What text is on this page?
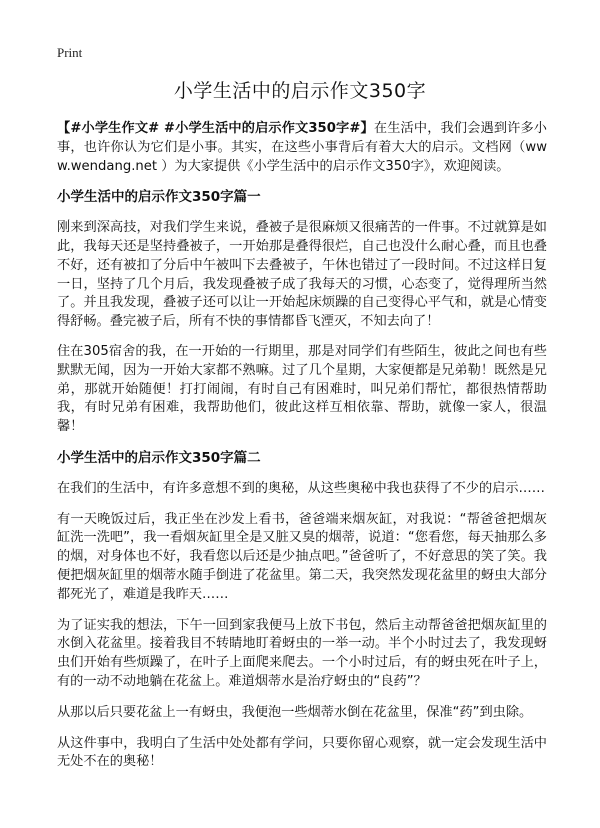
Print
小学生活中的启示作文350字

【#小学生作文# #小学生活中的启示作文350字#】在生活中，我们会遇到许多小事，也许你认为它们是小事。其实，在这些小事背后有着大大的启示。文档网（www.wendang.net ）为大家提供《小学生活中的启示作文350字》，欢迎阅读。

小学生活中的启示作文350字篇一

刚来到深高技，对我们学生来说，叠被子是很麻烦又很痛苦的一件事。不过就算是如此，我每天还是坚持叠被子，一开始那是叠得很烂，自己也没什么耐心叠，而且也叠不好，还有被扣了分后中午被叫下去叠被子，午休也错过了一段时间。不过这样日复一日，坚持了几个月后，我发现叠被子成了我每天的习惯，心态变了，觉得理所当然了。并且我发现，叠被子还可以让一开始起床烦躁的自己变得心平气和，就是心情变得舒畅。叠完被子后，所有不快的事情都昏飞湮灭，不知去向了！

住在305宿舍的我，在一开始的一行期里，那是对同学们有些陌生，彼此之间也有些默默无闻，因为一开始大家都不熟嘛。过了几个星期，大家便都是兄弟勒！既然是兄弟，那就开始随便！打打闹闹，有时自己有困难时，叫兄弟们帮忙，都很热情帮助我，有时兄弟有困难，我帮助他们，彼此这样互相依靠、帮助，就像一家人，很温馨！

小学生活中的启示作文350字篇二

在我们的生活中，有许多意想不到的奥秘，从这些奥秘中我也获得了不少的启示……

有一天晚饭过后，我正坐在沙发上看书，爸爸端来烟灰缸，对我说：“帮爸爸把烟灰缸洗一洗吧”，我一看烟灰缸里全是又脏又臭的烟蒂，说道：“您看您，每天抽那么多的烟，对身体也不好，我看您以后还是少抽点吧。”爸爸听了，不好意思的笑了笑。我便把烟灰缸里的烟蒂水随手倒进了花盆里。第二天，我突然发现花盆里的蚜虫大部分都死光了，难道是我昨天……

为了证实我的想法，下午一回到家我便马上放下书包，然后主动帮爸爸把烟灰缸里的水倒入花盆里。接着我目不转睛地盯着蚜虫的一举一动。半个小时过去了，我发现蚜虫们开始有些烦躁了，在叶子上面爬来爬去。一个小时过后，有的蚜虫死在叶子上，有的一动不动地躺在花盆上。难道烟蒂水是治疗蚜虫的“良药”？

从那以后只要花盆上一有蚜虫，我便泡一些烟蒂水倒在花盆里，保准“药”到虫除。

从这件事中，我明白了生活中处处都有学问，只要你留心观察，就一定会发现生活中无处不在的奥秘！
